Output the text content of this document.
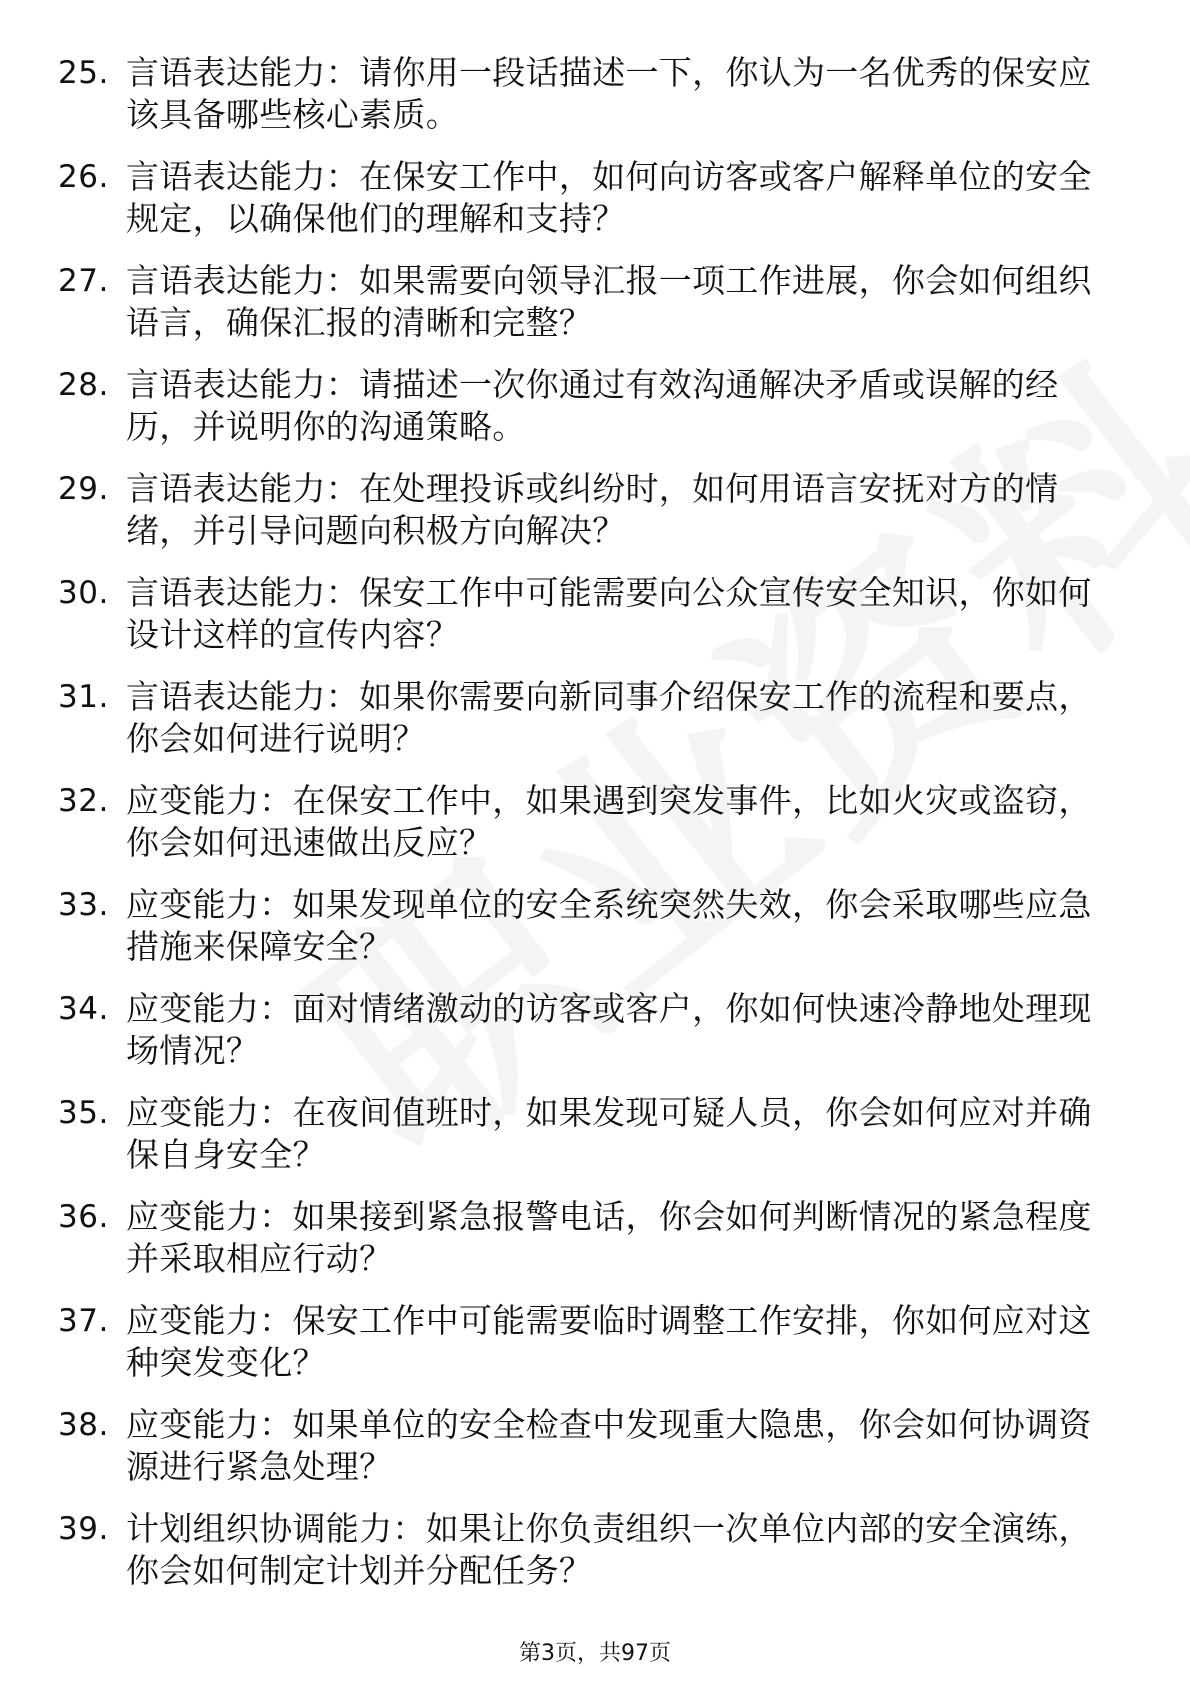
25. 言语表达能力：请你用一段话描述一下，你认为一名优秀的保安应该具备哪些核心素质。
26. 言语表达能力：在保安工作中，如何向访客或客户解释单位的安全规定，以确保他们的理解和支持？
27. 言语表达能力：如果需要向领导汇报一项工作进展，你会如何组织语言，确保汇报的清晰和完整？
28. 言语表达能力：请描述一次你通过有效沟通解决矛盾或误解的经历，并说明你的沟通策略。
29. 言语表达能力：在处理投诉或纠纷时，如何用语言安抚对方的情绪，并引导问题向积极方向解决？
30. 言语表达能力：保安工作中可能需要向公众宣传安全知识，你如何设计这样的宣传内容？
31. 言语表达能力：如果你需要向新同事介绍保安工作的流程和要点，你会如何进行说明？
32. 应变能力：在保安工作中，如果遇到突发事件，比如火灾或盗窃，你会如何迅速做出反应？
33. 应变能力：如果发现单位的安全系统突然失效，你会采取哪些应急措施来保障安全？
34. 应变能力：面对情绪激动的访客或客户，你如何快速冷静地处理现场情况？
35. 应变能力：在夜间值班时，如果发现可疑人员，你会如何应对并确保自身安全？
36. 应变能力：如果接到紧急报警电话，你会如何判断情况的紧急程度并采取相应行动？
37. 应变能力：保安工作中可能需要临时调整工作安排，你如何应对这种突发变化？
38. 应变能力：如果单位的安全检查中发现重大隐患，你会如何协调资源进行紧急处理？
39. 计划组织协调能力：如果让你负责组织一次单位内部的安全演练，你会如何制定计划并分配任务？
第3页，共97页
